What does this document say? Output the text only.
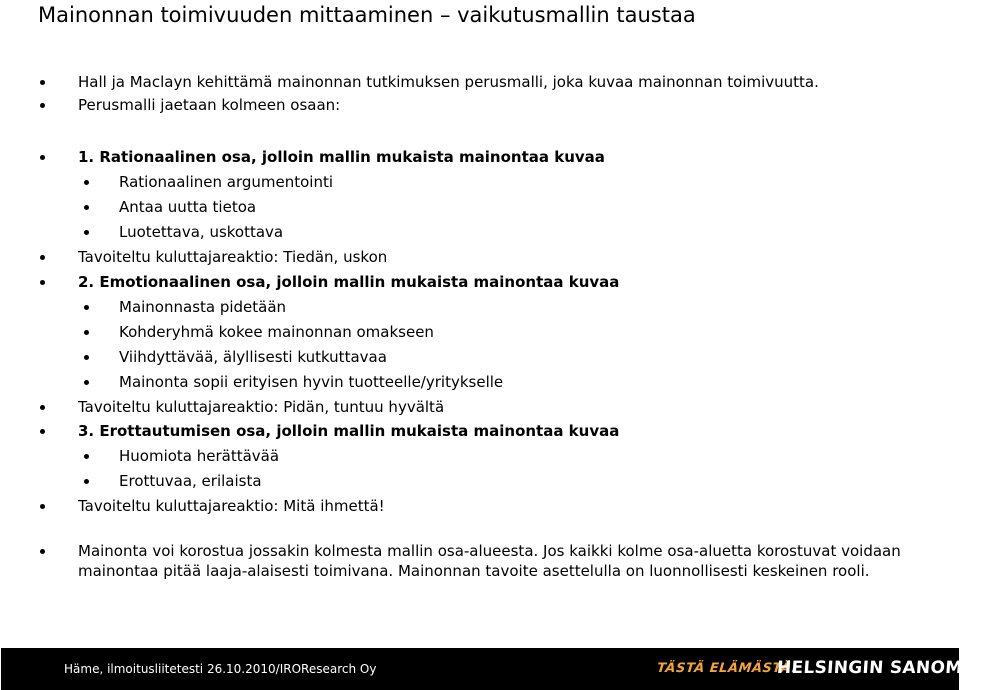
Mainonnan toimivuuden mittaaminen – vaikutusmallin taustaa
Hall ja Maclayn kehittämä mainonnan tutkimuksen perusmalli, joka kuvaa mainonnan toimivuutta.
Perusmalli jaetaan kolmeen osaan:
1. Rationaalinen osa, jolloin mallin mukaista mainontaa kuvaa
Rationaalinen argumentointi
Antaa uutta tietoa
Luotettava, uskottava
Tavoiteltu kuluttajareaktio: Tiedän, uskon
2. Emotionaalinen osa, jolloin mallin mukaista mainontaa kuvaa
Mainonnasta pidetään
Kohderyhmä kokee mainonnan omakseen
Viihdyttävää, älyllisesti kutkuttavaa
Mainonta sopii erityisen hyvin tuotteelle/yritykselle
Tavoiteltu kuluttajareaktio: Pidän, tuntuu hyvältä
3. Erottautumisen osa, jolloin mallin mukaista mainontaa kuvaa
Huomiota herättävää
Erottuvaa, erilaista
Tavoiteltu kuluttajareaktio: Mitä ihmettä!
Mainonta voi korostua jossakin kolmesta mallin osa-alueesta. Jos kaikki kolme osa-aluetta korostuvat voidaan mainontaa pitää laaja-alaisesti toimivana. Mainonnan tavoite asettelulla on luonnollisesti keskeinen rooli.
Häme, ilmoitusliitetesti 26.10.2010/IROResearch Oy	TÄSTÄ ELÄMÄSTÄ.
HELSINGIN SANOMAT
